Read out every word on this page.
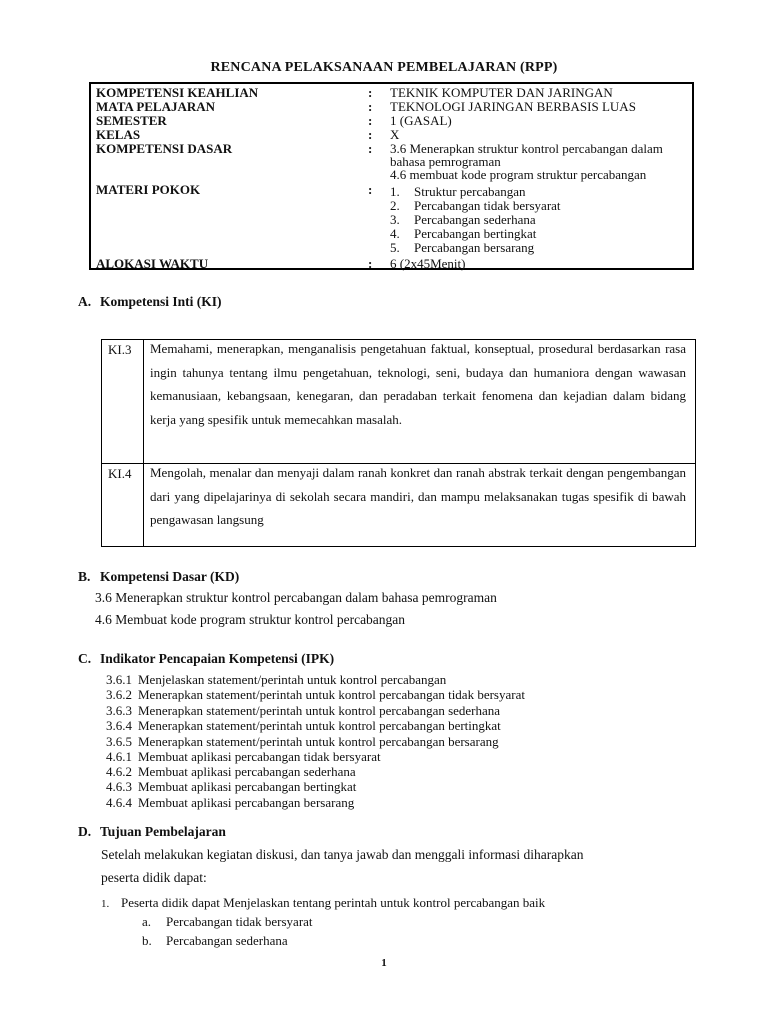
RENCANA PELAKSANAAN PEMBELAJARAN (RPP)
KOMPETENSI KEAHLIAN	: TEKNIK KOMPUTER DAN JARINGAN
MATA PELAJARAN	: TEKNOLOGI JARINGAN BERBASIS LUAS
SEMESTER	: 1 (GASAL)
KELAS	: X
KOMPETENSI DASAR	: 3.6 Menerapkan struktur kontrol percabangan dalam
bahasa pemrograman
4.6 membuat kode program struktur percabangan
MATERI POKOK	: 1. Struktur percabangan
2. Percabangan tidak bersyarat
3. Percabangan sederhana
4. Percabangan bertingkat
5. Percabangan bersarang
ALOKASI WAKTU	: 6 (2x45Menit)
A. Kompetensi Inti (KI)
KI.3 Memahami, menerapkan, menganalisis pengetahuan faktual, konseptual, prosedural berdasarkan rasa ingin tahunya tentang ilmu pengetahuan, teknologi, seni, budaya dan humaniora dengan wawasan kemanusiaan, kebangsaan, kenegaran, dan peradaban terkait fenomena dan kejadian dalam bidang kerja yang spesifik untuk memecahkan masalah.
KI.4 Mengolah, menalar dan menyaji dalam ranah konkret dan ranah abstrak terkait dengan pengembangan dari yang dipelajarinya di sekolah secara mandiri, dan mampu melaksanakan tugas spesifik di bawah pengawasan langsung
B. Kompetensi Dasar (KD)
3.6 Menerapkan struktur kontrol percabangan dalam bahasa pemrograman
4.6 Membuat kode program struktur kontrol percabangan
C. Indikator Pencapaian Kompetensi (IPK)
3.6.1 Menjelaskan statement/perintah untuk kontrol percabangan
3.6.2 Menerapkan statement/perintah untuk kontrol percabangan tidak bersyarat
3.6.3 Menerapkan statement/perintah untuk kontrol percabangan sederhana
3.6.4 Menerapkan statement/perintah untuk kontrol percabangan bertingkat
3.6.5 Menerapkan statement/perintah untuk kontrol percabangan bersarang
4.6.1 Membuat aplikasi percabangan tidak bersyarat
4.6.2 Membuat aplikasi percabangan sederhana
4.6.3 Membuat aplikasi percabangan bertingkat
4.6.4 Membuat aplikasi percabangan bersarang
D. Tujuan Pembelajaran
Setelah melakukan kegiatan diskusi, dan tanya jawab dan menggali informasi diharapkan
peserta didik dapat:
1. Peserta didik dapat Menjelaskan tentang perintah untuk kontrol percabangan baik
a. Percabangan tidak bersyarat
b. Percabangan sederhana
1
